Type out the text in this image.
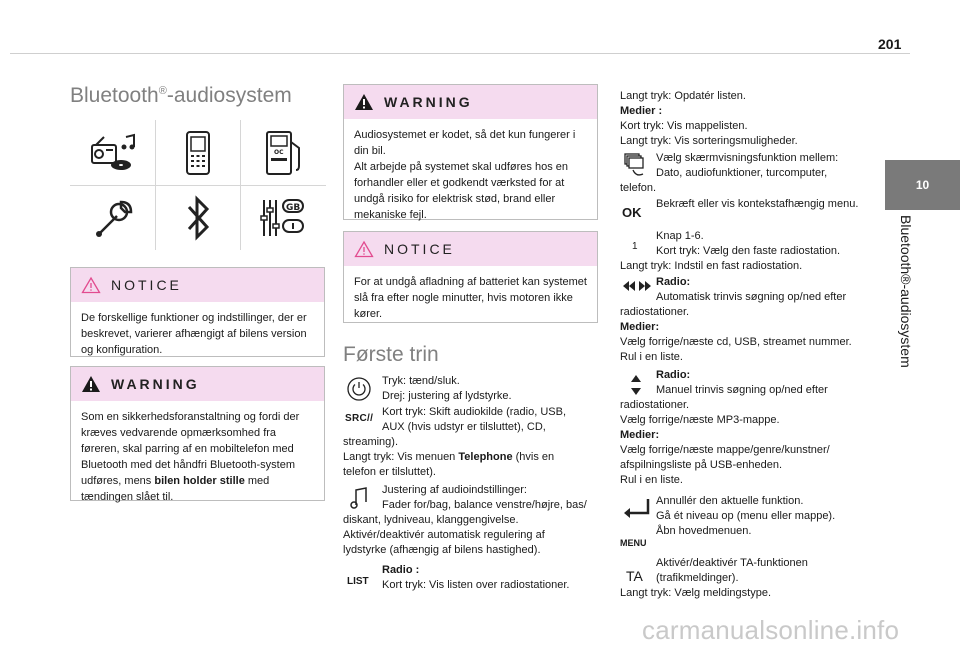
201
10
Bluetooth®-audiosystem
Bluetooth®-audiosystem
OC
GB
NOTICE
De forskellige funktioner og indstillinger, der er beskrevet, varierer afhængigt af bilens version og konfiguration.
WARNING
Som en sikkerhedsforanstaltning og fordi der kræves vedvarende opmærksomhed fra føreren, skal parring af en mobiltelefon med Bluetooth med det håndfri Bluetooth-system udføres, mens bilen holder stille med tændingen slået til.
WARNING
Audiosystemet er kodet, så det kun fungerer i din bil.
Alt arbejde på systemet skal udføres hos en forhandler eller et godkendt værksted for at undgå risiko for elektrisk stød, brand eller mekaniske fejl.
NOTICE
For at undgå afladning af batteriet kan systemet slå fra efter nogle minutter, hvis motoren ikke kører.
Første trin
Tryk: tænd/sluk.
Drej: justering af lydstyrke.
SRC//
Kort tryk: Skift audiokilde (radio, USB,
AUX (hvis udstyr er tilsluttet), CD,
streaming).
Langt tryk: Vis menuen Telephone (hvis en
telefon er tilsluttet).
Justering af audioindstillinger:
Fader for/bag, balance venstre/højre, bas/
diskant, lydniveau, klanggengivelse.
Aktivér/deaktivér automatisk regulering af
lydstyrke (afhængig af bilens hastighed).
LIST
Radio :
Kort tryk: Vis listen over radiostationer.
Langt tryk: Opdatér listen.
Medier :
Kort tryk: Vis mappelisten.
Langt tryk: Vis sorteringsmuligheder.
Vælg skærmvisningsfunktion mellem:
Dato, audiofunktioner, turcomputer,
telefon.
OK
Bekræft eller vis kontekstafhængig menu.
1
Knap 1-6.
Kort tryk: Vælg den faste radiostation.
Langt tryk: Indstil en fast radiostation.
Radio:
Automatisk trinvis søgning op/ned efter
radiostationer.
Medier:
Vælg forrige/næste cd, USB, streamet nummer.
Rul i en liste.
Radio:
Manuel trinvis søgning op/ned efter
radiostationer.
Vælg forrige/næste MP3-mappe.
Medier:
Vælg forrige/næste mappe/genre/kunstner/
afspilningsliste på USB-enheden.
Rul i en liste.
Annullér den aktuelle funktion.
Gå ét niveau op (menu eller mappe).
MENU
Åbn hovedmenuen.
TA
Aktivér/deaktivér TA-funktionen
(trafikmeldinger).
Langt tryk: Vælg meldingstype.
carmanualsonline.info
